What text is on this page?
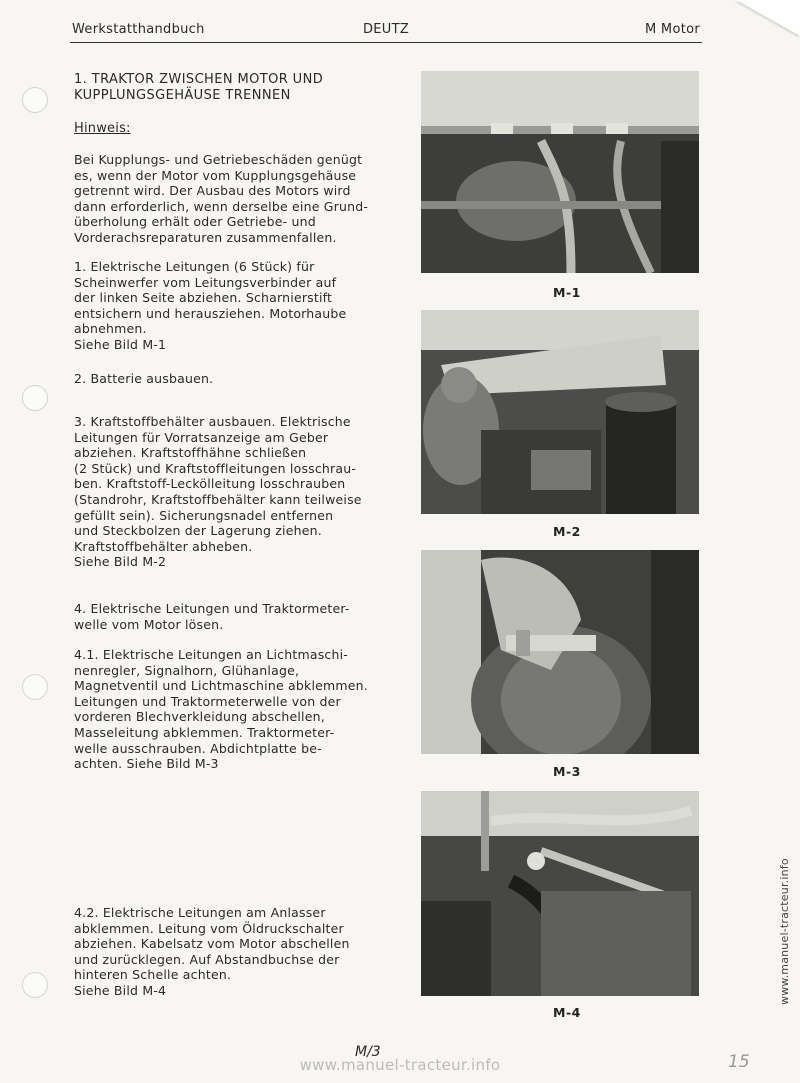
Werkstatthandbuch	DEUTZ	M Motor
1. TRAKTOR ZWISCHEN MOTOR UND
KUPPLUNGSGEHÄUSE TRENNEN
Hinweis:

Bei Kupplungs- und Getriebeschäden genügt
es, wenn der Motor vom Kupplungsgehäuse
getrennt wird. Der Ausbau des Motors wird
dann erforderlich, wenn derselbe eine Grund-
überholung erhält oder Getriebe- und
Vorderachsreparaturen zusammenfallen.

1. Elektrische Leitungen (6 Stück) für
Scheinwerfer vom Leitungsverbinder auf
der linken Seite abziehen. Scharnierstift
entsichern und herausziehen. Motorhaube
abnehmen.

Siehe Bild M-1

2. Batterie ausbauen.

3. Kraftstoffbehälter ausbauen. Elektrische
Leitungen für Vorratsanzeige am Geber
abziehen. Kraftstoffhähne schließen
(2 Stück) und Kraftstoffleitungen losschrau-
ben. Kraftstoff-Leckölleitung losschrauben
(Standrohr, Kraftstoffbehälter kann teilweise
gefüllt sein). Sicherungsnadel entfernen
und Steckbolzen der Lagerung ziehen.
Kraftstoffbehälter abheben.

Siehe Bild M-2

4. Elektrische Leitungen und Traktormeter-
welle vom Motor lösen.

4.1. Elektrische Leitungen an Lichtmaschi-
nenregler, Signalhorn, Glühanlage,
Magnetventil und Lichtmaschine abklemmen.
Leitungen und Traktormeterwelle von der
vorderen Blechverkleidung abschellen,
Masseleitung abklemmen. Traktormeter-
welle ausschrauben. Abdichtplatte be-
achten. Siehe Bild M-3

4.2. Elektrische Leitungen am Anlasser
abklemmen. Leitung vom Öldruckschalter
abziehen. Kabelsatz vom Motor abschellen
und zurücklegen. Auf Abstandbuchse der
hinteren Schelle achten.

Siehe Bild M-4

M-1
M-2
M-3
M-4
M/3	15
www.manuel-tracteur.info
www.manuel-tracteur.info
